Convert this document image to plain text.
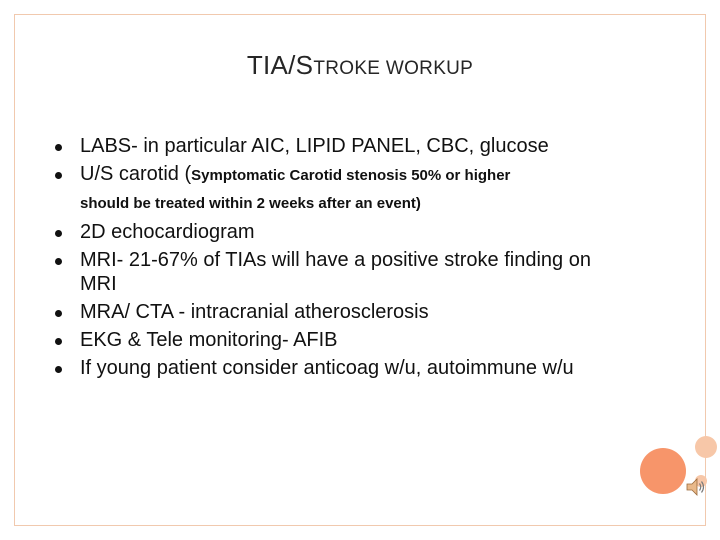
TIA/STROKE WORKUP
LABS- in particular AIC, LIPID PANEL, CBC, glucose
U/S carotid (Symptomatic Carotid stenosis 50% or higher
should be treated within 2 weeks after an event)
2D echocardiogram
MRI- 21-67% of TIAs will have a positive stroke finding on MRI
MRA/ CTA - intracranial atherosclerosis
EKG & Tele monitoring- AFIB
If young patient consider anticoag w/u, autoimmune w/u
